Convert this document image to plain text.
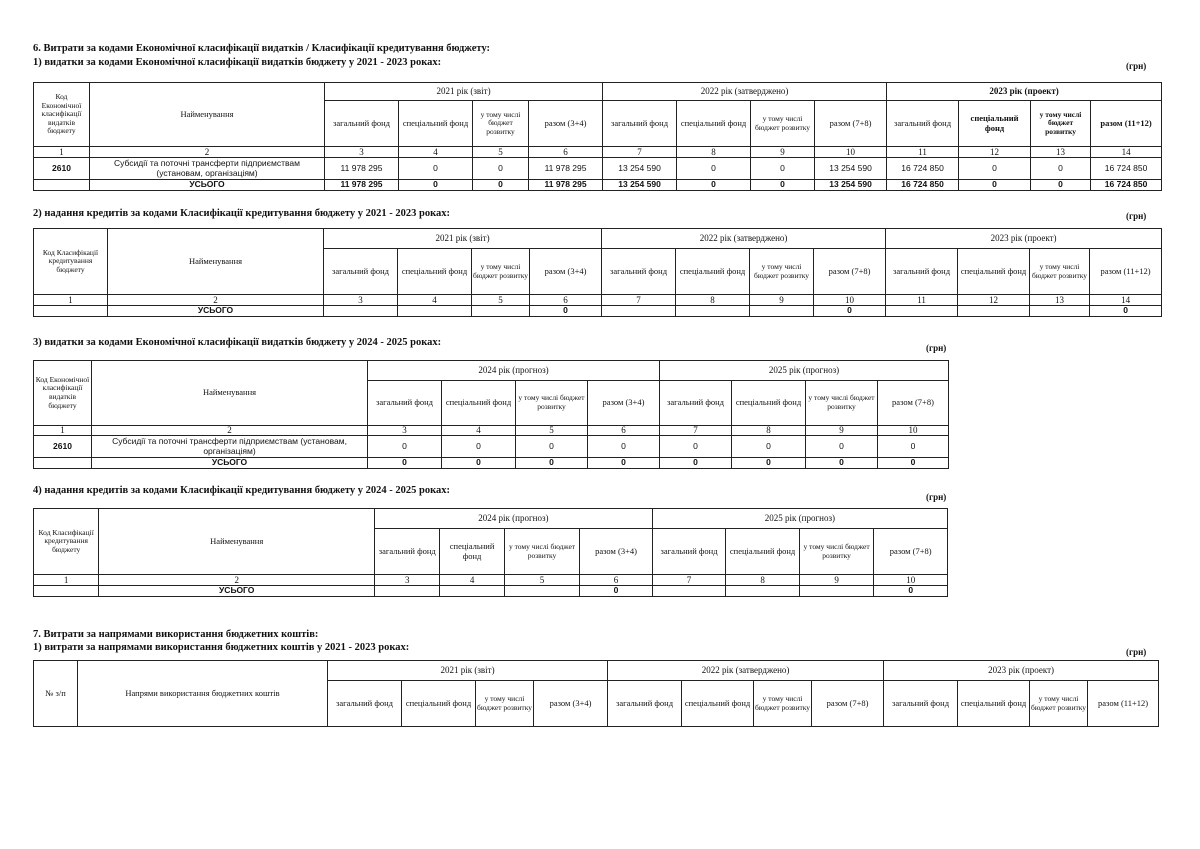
6. Витрати за кодами Економічної класифікації видатків / Класифікації кредитування бюджету:
1) видатки за кодами Економічної класифікації видатків бюджету у 2021 - 2023 роках:	(грн)
Код Економічної класифікації видатків бюджету	Найменування	2021 рік (звіт)				2022 рік (затверджено)				2023 рік (проект)			
		загальний фонд	спеціальний фонд	у тому числі бюджет розвитку	разом (3+4)	загальний фонд	спеціальний фонд	у тому числі бюджет розвитку	разом (7+8)	загальний фонд	спеціальний фонд	у тому числі бюджет розвитку	разом (11+12)
1	2	3	4	5	6	7	8	9	10	11	12	13	14
2610	Субсидії та поточні трансферти підприємствам (установам, організаціям)	11 978 295	0	0	11 978 295	13 254 590	0	0	13 254 590	16 724 850	0	0	16 724 850
	УСЬОГО	11 978 295	0	0	11 978 295	13 254 590	0	0	13 254 590	16 724 850	0	0	16 724 850
2) надання кредитів за кодами Класифікації кредитування бюджету у 2021 - 2023 роках:	(грн)
Код Класифікації кредитування бюджету	Найменування	2021 рік (звіт)				2022 рік (затверджено)				2023 рік (проект)			
		загальний фонд	спеціальний фонд	у тому числі бюджет розвитку	разом (3+4)	загальний фонд	спеціальний фонд	у тому числі бюджет розвитку	разом (7+8)	загальний фонд	спеціальний фонд	у тому числі бюджет розвитку	разом (11+12)
1	2	3	4	5	6	7	8	9	10	11	12	13	14
	УСЬОГО				0				0				0
3) видатки за кодами Економічної класифікації видатків бюджету у 2024 - 2025 роках:	(грн)
Код Економічної класифікації видатків бюджету	Найменування	2024 рік (прогноз)				2025 рік (прогноз)			
		загальний фонд	спеціальний фонд	у тому числі бюджет розвитку	разом (3+4)	загальний фонд	спеціальний фонд	у тому числі бюджет розвитку	разом (7+8)
1	2	3	4	5	6	7	8	9	10
2610	Субсидії та поточні трансферти підприємствам (установам, організаціям)	0	0	0	0	0	0	0	0
	УСЬОГО	0	0	0	0	0	0	0	0
4) надання кредитів за кодами Класифікації кредитування бюджету у 2024 - 2025 роках:
(грн)
Код Класифікації кредитування бюджету	Найменування	2024 рік (прогноз)				2025 рік (прогноз)			
		загальний фонд	спеціальний фонд	у тому числі бюджет розвитку	разом (3+4)	загальний фонд	спеціальний фонд	у тому числі бюджет розвитку	разом (7+8)
1	2	3	4	5	6	7	8	9	10
	УСЬОГО				0				0
7. Витрати за напрямами використання бюджетних коштів:
1) витрати за напрямами використання бюджетних коштів у 2021 - 2023 роках:	(грн)
№ з/п	Напрями використання бюджетних коштів	2021 рік (звіт)				2022 рік (затверджено)				2023 рік (проект)			
		загальний фонд	спеціальний фонд	у тому числі бюджет розвитку	разом (3+4)	загальний фонд	спеціальний фонд	у тому числі бюджет розвитку	разом (7+8)	загальний фонд	спеціальний фонд	у тому числі бюджет розвитку	разом (11+12)
